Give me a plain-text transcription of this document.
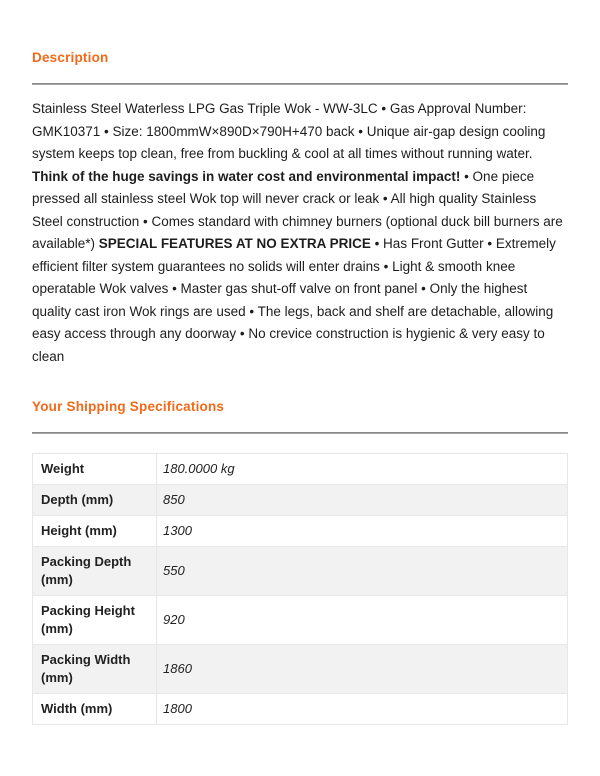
Description

Stainless Steel Waterless LPG Gas Triple Wok - WW-3LC • Gas Approval Number: GMK10371 • Size: 1800mmW×890D×790H+470 back • Unique air-gap design cooling system keeps top clean, free from buckling & cool at all times without running water. Think of the huge savings in water cost and environmental impact! • One piece pressed all stainless steel Wok top will never crack or leak • All high quality Stainless Steel construction • Comes standard with chimney burners (optional duck bill burners are available*) SPECIAL FEATURES AT NO EXTRA PRICE • Has Front Gutter • Extremely efficient filter system guarantees no solids will enter drains • Light & smooth knee operatable Wok valves • Master gas shut-off valve on front panel • Only the highest quality cast iron Wok rings are used • The legs, back and shelf are detachable, allowing easy access through any doorway • No crevice construction is hygienic & very easy to clean

Your Shipping Specifications
Weight	180.0000 kg
Depth (mm)	850
Height (mm)	1300
Packing Depth (mm)	550
Packing Height (mm)	920
Packing Width (mm)	1860
Width (mm)	1800
